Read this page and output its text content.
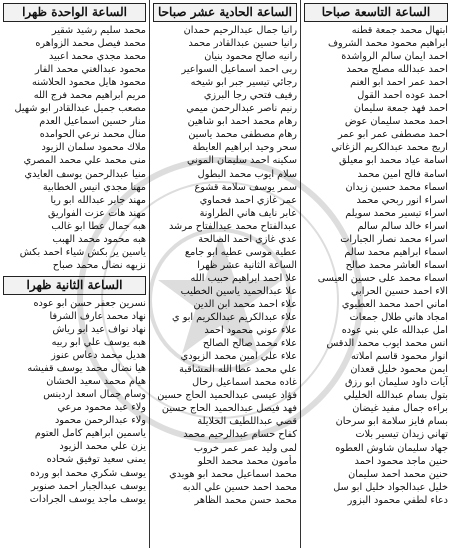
الساعة التاسعة صباحا
ابتهال محمد جمعة قطنه
ابراهيم محمود محمد الشروف
احمد ايمان سالم الرواشدة
احمد عبدالله مصلح محمد
احمد عمر احمد ابو الغنم
احمد عوده احمد القول
احمد فهد جمعة سليمان
احمد محمد سليمان عوض
احمد مصطفى عمر ابو عمر
اريج محمد عبدالكريم الزغاتي
اسامة عياد محمد ابو معيلق
اسامة فالح امين محمد
اسماء محمد حسين زيدان
اسراء انور ربحي محمد
اسراء تيسير محمد سويلم
اسراء خالد سالم سالم
اسراء محمد نصار الجبارات
اسماء ابراهيم محمد سالم
اسماء العاشر محمد صالح
اسماء محمد على حسين العيسى
الاء احمد حسين الحرابي
اماني احمد محمد العطيوي
امجاد هاني طلال جمعات
امل عبدالله علي بني عوده
انس محمد ايوب محمد الدقس
انوار محمود قاسم املاته
ايمن محمود خليل قعدان
آيات داود سليمان ابو رزق
بتول بسام عبدالله الخليلي
براءه جمال مفيد غيضان
بسام فايز سلامة ابو سرحان
تهاني زيدان تيسير بلات
جهاد سليمان شاوش العطوه
حنين ماجد محمود احمد
حنين محمد احمد سليمان
خليل عبدالجواد خليل ابو سل
دعاء لطفي محمود البزور
الساعة الحادية عشر صباحا
رانيا جمال عبدالرحيم حمدان
رانيا حسين عبدالقادر محمد
رانيه صالح محمود بنيان
ربى احمد اسماعيل السواعير
رجائي تيسير جبر ابو شيخه
رفيف فتحي رجا البرزي
رنيم ناصر عبدالرحمن ميمي
رهام محمد احمد ابو شاهين
رهام مصطفى محمد ياسين
سحر وحيد ابراهيم العايطة
سكينه احمد سليمان الموني
سلام ايوب محمد البطول
سمر يوسف سلامة قشوع
عمر غازي احمد فحماوي
عابر نايف هاني الطراونة
عبدالفتاح محمد عبدالفتاح مرشد
عدي غازي احمد الصالحة
عطية موسى عطيه ابو جامع
الساعة الثانية عشر ظهرا
علا احمد ابراهيم حبيب الله
علا عبدالحميد ياسين الخطيب
علاء احمد محمد ابن الدين
علاء عبدالكريم عبدالكريم ابو ي
علاء عوني محمود احمد
علاء محمد صالح الصالح
علاء علي امين محمد الزيودي
علي محمد عطا الله المشاقبة
غاده محمد اسماعيل رحال
فؤاد عيسى عبدالحميد الحاج حسين
فهد فيصل عبدالحميد الحاج حسين
قصي عبداللطيف الخلايلة
كفاح حسام عبدالرحيم محمد
لمى وليد عمر عمر خروب
مأمون محمد محمد الحلو
محمد اسماعيل محمد ابو هويدي
محمد احمد حسين علي الدبه
محمد حسن محمد الظاهر
الساعة الواحدة ظهرا
محمد سليم رشيد شقير
محمد فيصل محمد الزواهره
محمد مجدي محمد اعبيد
محمود عبدالغني محمد الفار
محمود هايل محمود الحلاشنه
مريم ابراهيم محمد فرج الله
مصعب جميل عبدالقادر ابو شهيل
منار حسين اسماعيل العدم
منال محمد نرعي الحوامده
ملاك محمود سلمان الزيود
منى محمد علي محمد المصري
منيا عبدالرحمن يوسف العايدي
مهنا مجدي انيس الخطابية
مهند جابر عبدالله ابو ريا
مهند هات عزت الفواريق
هبه جمال عطا ابو غالب
هبه محمود محمد الهبب
ياسين ير بكش شياء احمد بكش
نزيهه نضال محمد صباح
الساعة الثانية ظهرا
نسرين جعفر حسن ابو عوده
نهاد محمد عارف الشرفا
نهاد نواف عيد ابو رياش
هبه يوسف علي ابو ربيه
هديل محمد دعاس عنوز
هيا نضال محمد يوسف قفيشه
هيام محمد سعيد الخشان
وسام جمال اسعد اردينس
ولاء عبد محمود مرعي
ولاء عبدالرحمن محمود
ياسمين ابراهيم كامل العتوم
يزن علي محمد الزيود
يمنى سعيد توفيق شحاده
يوسف شكري محمد ابو ورده
يوسف عبدالجبار احمد صنوبر
يوسف ماجد يوسف الجرادات
